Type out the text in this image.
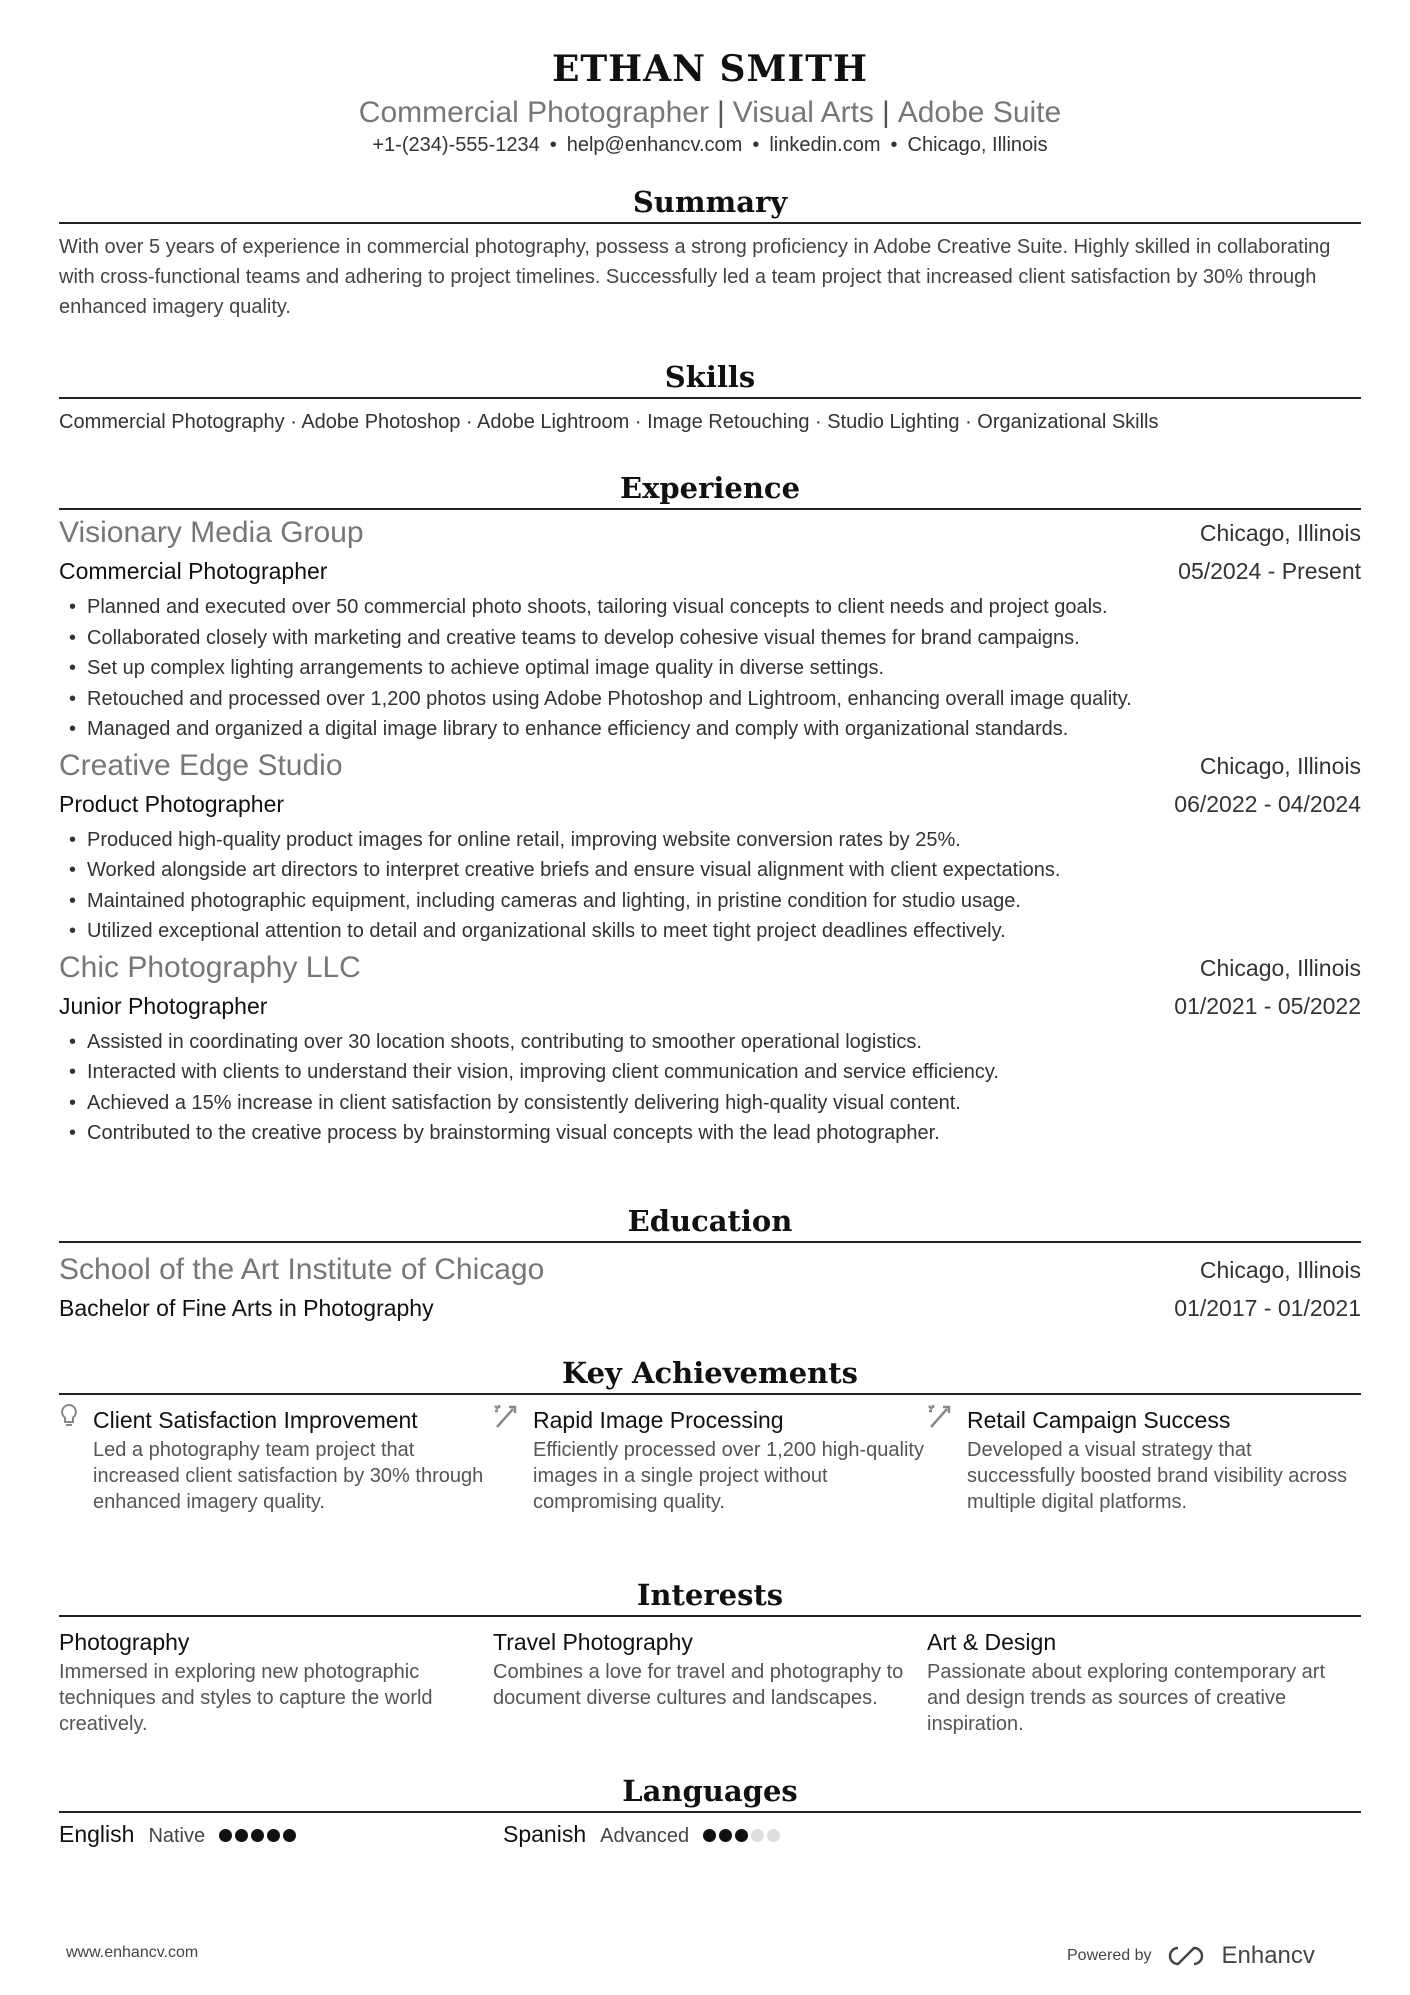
ETHAN SMITH
Commercial Photographer | Visual Arts | Adobe Suite
+1-(234)-555-1234 • help@enhancv.com • linkedin.com • Chicago, Illinois
Summary

With over 5 years of experience in commercial photography, possess a strong proficiency in Adobe Creative Suite. Highly skilled in collaborating with cross-functional teams and adhering to project timelines. Successfully led a team project that increased client satisfaction by 30% through enhanced imagery quality.

Skills

Commercial Photography · Adobe Photoshop · Adobe Lightroom · Image Retouching · Studio Lighting · Organizational Skills

Experience
Visionary Media Group	Chicago, Illinois
Commercial Photographer	05/2024 - Present
• Planned and executed over 50 commercial photo shoots, tailoring visual concepts to client needs and project goals.
• Collaborated closely with marketing and creative teams to develop cohesive visual themes for brand campaigns.
• Set up complex lighting arrangements to achieve optimal image quality in diverse settings.
• Retouched and processed over 1,200 photos using Adobe Photoshop and Lightroom, enhancing overall image quality.
• Managed and organized a digital image library to enhance efficiency and comply with organizational standards.
Creative Edge Studio	Chicago, Illinois
Product Photographer	06/2022 - 04/2024
• Produced high-quality product images for online retail, improving website conversion rates by 25%.
• Worked alongside art directors to interpret creative briefs and ensure visual alignment with client expectations.
• Maintained photographic equipment, including cameras and lighting, in pristine condition for studio usage.
• Utilized exceptional attention to detail and organizational skills to meet tight project deadlines effectively.
Chic Photography LLC	Chicago, Illinois
Junior Photographer	01/2021 - 05/2022
• Assisted in coordinating over 30 location shoots, contributing to smoother operational logistics.
• Interacted with clients to understand their vision, improving client communication and service efficiency.
• Achieved a 15% increase in client satisfaction by consistently delivering high-quality visual content.
• Contributed to the creative process by brainstorming visual concepts with the lead photographer.
Education
School of the Art Institute of Chicago	Chicago, Illinois
Bachelor of Fine Arts in Photography	01/2017 - 01/2021
Key Achievements
Client Satisfaction Improvement

Led a photography team project that increased client satisfaction by 30% through enhanced imagery quality.

Rapid Image Processing

Efficiently processed over 1,200 high-quality images in a single project without compromising quality.

Retail Campaign Success

Developed a visual strategy that successfully boosted brand visibility across multiple digital platforms.

Interests
Photography

Immersed in exploring new photographic techniques and styles to capture the world creatively.

Travel Photography

Combines a love for travel and photography to document diverse cultures and landscapes.

Art & Design

Passionate about exploring contemporary art and design trends as sources of creative inspiration.

Languages
English Native	Spanish Advanced
www.enhancv.com	Powered by	Enhancv
